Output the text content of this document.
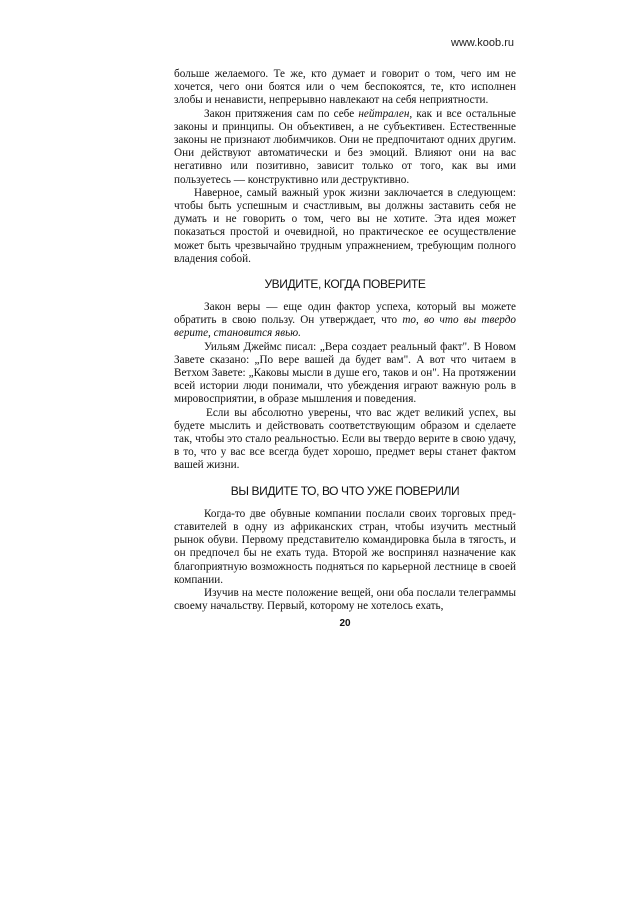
www.koob.ru

больше желаемого. Те же, кто думает и говорит о том, чего им не хочется, чего они боятся или о чем беспокоятся, те, кто исполнен злобы и ненависти, непрерывно навлекают на себя неприятности.

Закон притяжения сам по себе нейтрален, как и все остальные законы и принципы. Он объективен, а не субъективен. Естественные законы не признают любимчиков. Они не предпочитают одних другим. Они действуют автоматически и без эмоций. Влияют они на вас негативно или позитивно, зависит только от того, как вы ими пользуетесь — конструктивно или деструктивно.

Наверное, самый важный урок жизни заключается в следующем: чтобы быть успешным и счастливым, вы должны заставить себя не думать и не говорить о том, чего вы не хотите. Эта идея может показаться простой и очевидной, но практическое ее осуществление может быть чрезвычайно трудным упражнением, требующим полного владения собой.

УВИДИТЕ, КОГДА ПОВЕРИТЕ

Закон веры — еще один фактор успеха, который вы можете обратить в свою пользу. Он утверждает, что то, во что вы твердо верите, становится явью.

Уильям Джеймс писал: „Вера создает реальный факт". В Новом Завете сказано: „По вере вашей да будет вам". А вот что читаем в Ветхом Завете: „Каковы мысли в душе его, таков и он". На протяжении всей истории люди понимали, что убеждения играют важную роль в мировосприятии, в образе мышления и поведения.

Если вы абсолютно уверены, что вас ждет великий успех, вы будете мыслить и действовать соответствующим образом и сделаете так, чтобы это стало реальностью. Если вы твердо верите в свою удачу, в то, что у вас все всегда будет хорошо, предмет веры станет фактом вашей жизни.

ВЫ ВИДИТЕ ТО, ВО ЧТО УЖЕ ПОВЕРИЛИ

Когда-то две обувные компании послали своих торговых представителей в одну из африканских стран, чтобы изучить местный рынок обуви. Первому представителю командировка была в тягость, и он предпочел бы не ехать туда. Второй же воспринял назначение как благоприятную возможность подняться по карьерной лестнице в своей компании.

Изучив на месте положение вещей, они оба послали телеграммы своему начальству. Первый, которому не хотелось ехать,

20
